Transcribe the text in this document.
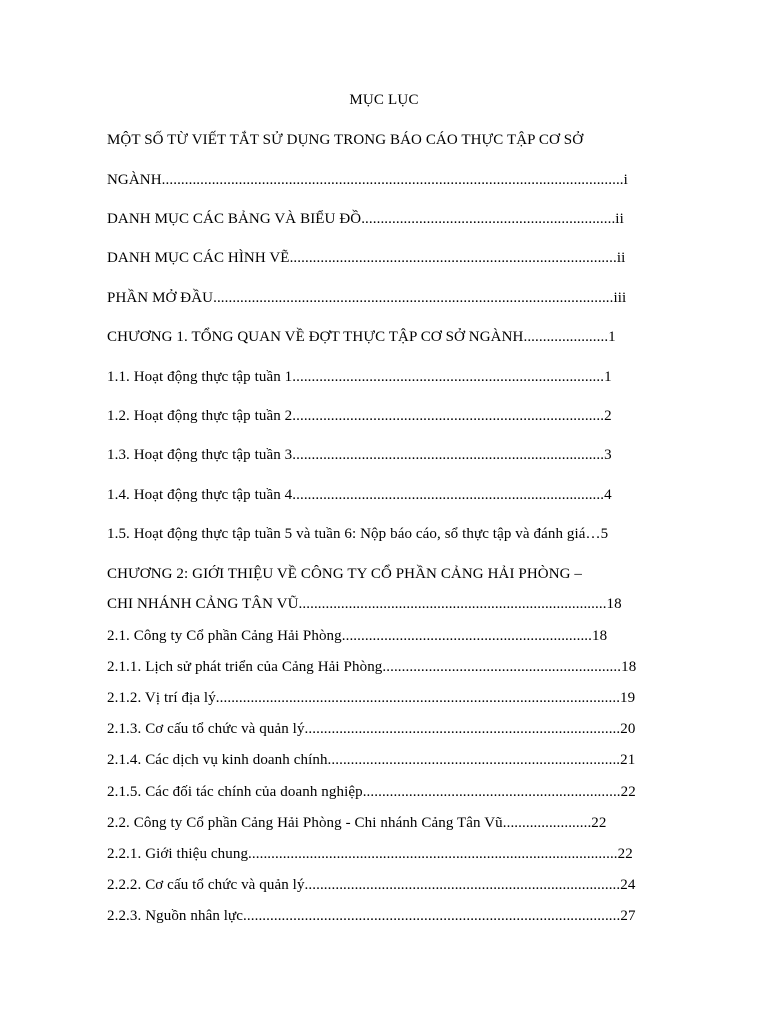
MỤC LỤC
MỘT SỐ TỪ VIẾT TẮT SỬ DỤNG TRONG BÁO CÁO THỰC TẬP CƠ SỞ
NGÀNH........................................................................................................................i
DANH MỤC CÁC BẢNG VÀ BIỂU ĐỒ..................................................................ii
DANH MỤC CÁC HÌNH VẼ.....................................................................................ii
PHẦN MỞ ĐẦU........................................................................................................iii
CHƯƠNG 1. TỔNG QUAN VỀ ĐỢT THỰC TẬP CƠ SỞ NGÀNH......................1
1.1. Hoạt động thực tập tuần 1.................................................................................1
1.2. Hoạt động thực tập tuần 2.................................................................................2
1.3. Hoạt động thực tập tuần 3.................................................................................3
1.4. Hoạt động thực tập tuần 4.................................................................................4
1.5. Hoạt động thực tập tuần 5 và tuần 6: Nộp báo cáo, sổ thực tập và đánh giá…5
CHƯƠNG 2: GIỚI THIỆU VỀ CÔNG TY CỔ PHẦN CẢNG HẢI PHÒNG –
CHI NHÁNH CẢNG TÂN VŨ................................................................................18
2.1. Công ty Cổ phần Cảng Hải Phòng.................................................................18
2.1.1. Lịch sử phát triển của Cảng Hải Phòng..............................................................18
2.1.2. Vị trí địa lý.........................................................................................................19
2.1.3. Cơ cấu tổ chức và quản lý..................................................................................20
2.1.4. Các dịch vụ kinh doanh chính............................................................................21
2.1.5. Các đối tác chính của doanh nghiệp...................................................................22
2.2. Công ty Cổ phần Cảng Hải Phòng - Chi nhánh Cảng Tân Vũ.......................22
2.2.1. Giới thiệu chung................................................................................................22
2.2.2. Cơ cấu tổ chức và quản lý..................................................................................24
2.2.3. Nguồn nhân lực..................................................................................................27
